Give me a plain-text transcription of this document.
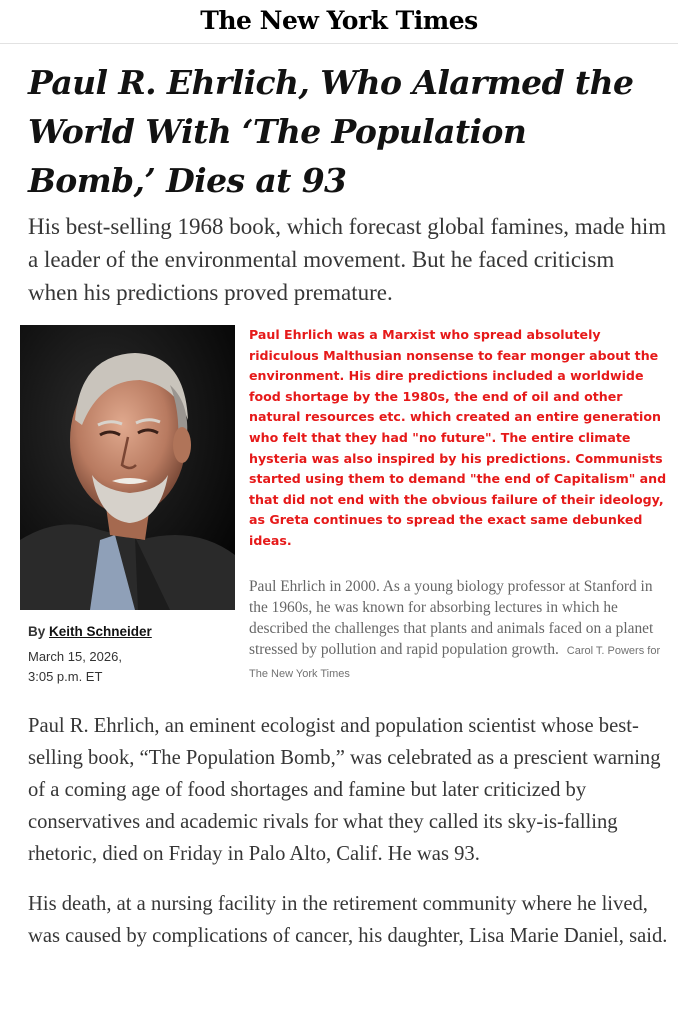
The New York Times
Paul R. Ehrlich, Who Alarmed the World With ‘The Population Bomb,’ Dies at 93

His best-selling 1968 book, which forecast global famines, made him a leader of the environmental movement. But he faced criticism when his predictions proved premature.

Paul Ehrlich was a Marxist who spread absolutely ridiculous Malthusian nonsense to fear monger about the environment. His dire predictions included a worldwide food shortage by the 1980s, the end of oil and other natural resources etc. which created an entire generation who felt that they had "no future". The entire climate hysteria was also inspired by his predictions. Communists started using them to demand "the end of Capitalism" and that did not end with the obvious failure of their ideology, as Greta continues to spread the exact same debunked ideas.
Paul Ehrlich in 2000. As a young biology professor at Stanford in the 1960s, he was known for absorbing lectures in which he described the challenges that plants and animals faced on a planet stressed by pollution and rapid population growth. Carol T. Powers for The New York Times
By Keith Schneider
March 15, 2026,
3:05 p.m. ET

Paul R. Ehrlich, an eminent ecologist and population scientist whose best-selling book, “The Population Bomb,” was celebrated as a prescient warning of a coming age of food shortages and famine but later criticized by conservatives and academic rivals for what they called its sky-is-falling rhetoric, died on Friday in Palo Alto, Calif. He was 93.

His death, at a nursing facility in the retirement community where he lived, was caused by complications of cancer, his daughter, Lisa Marie Daniel, said.
